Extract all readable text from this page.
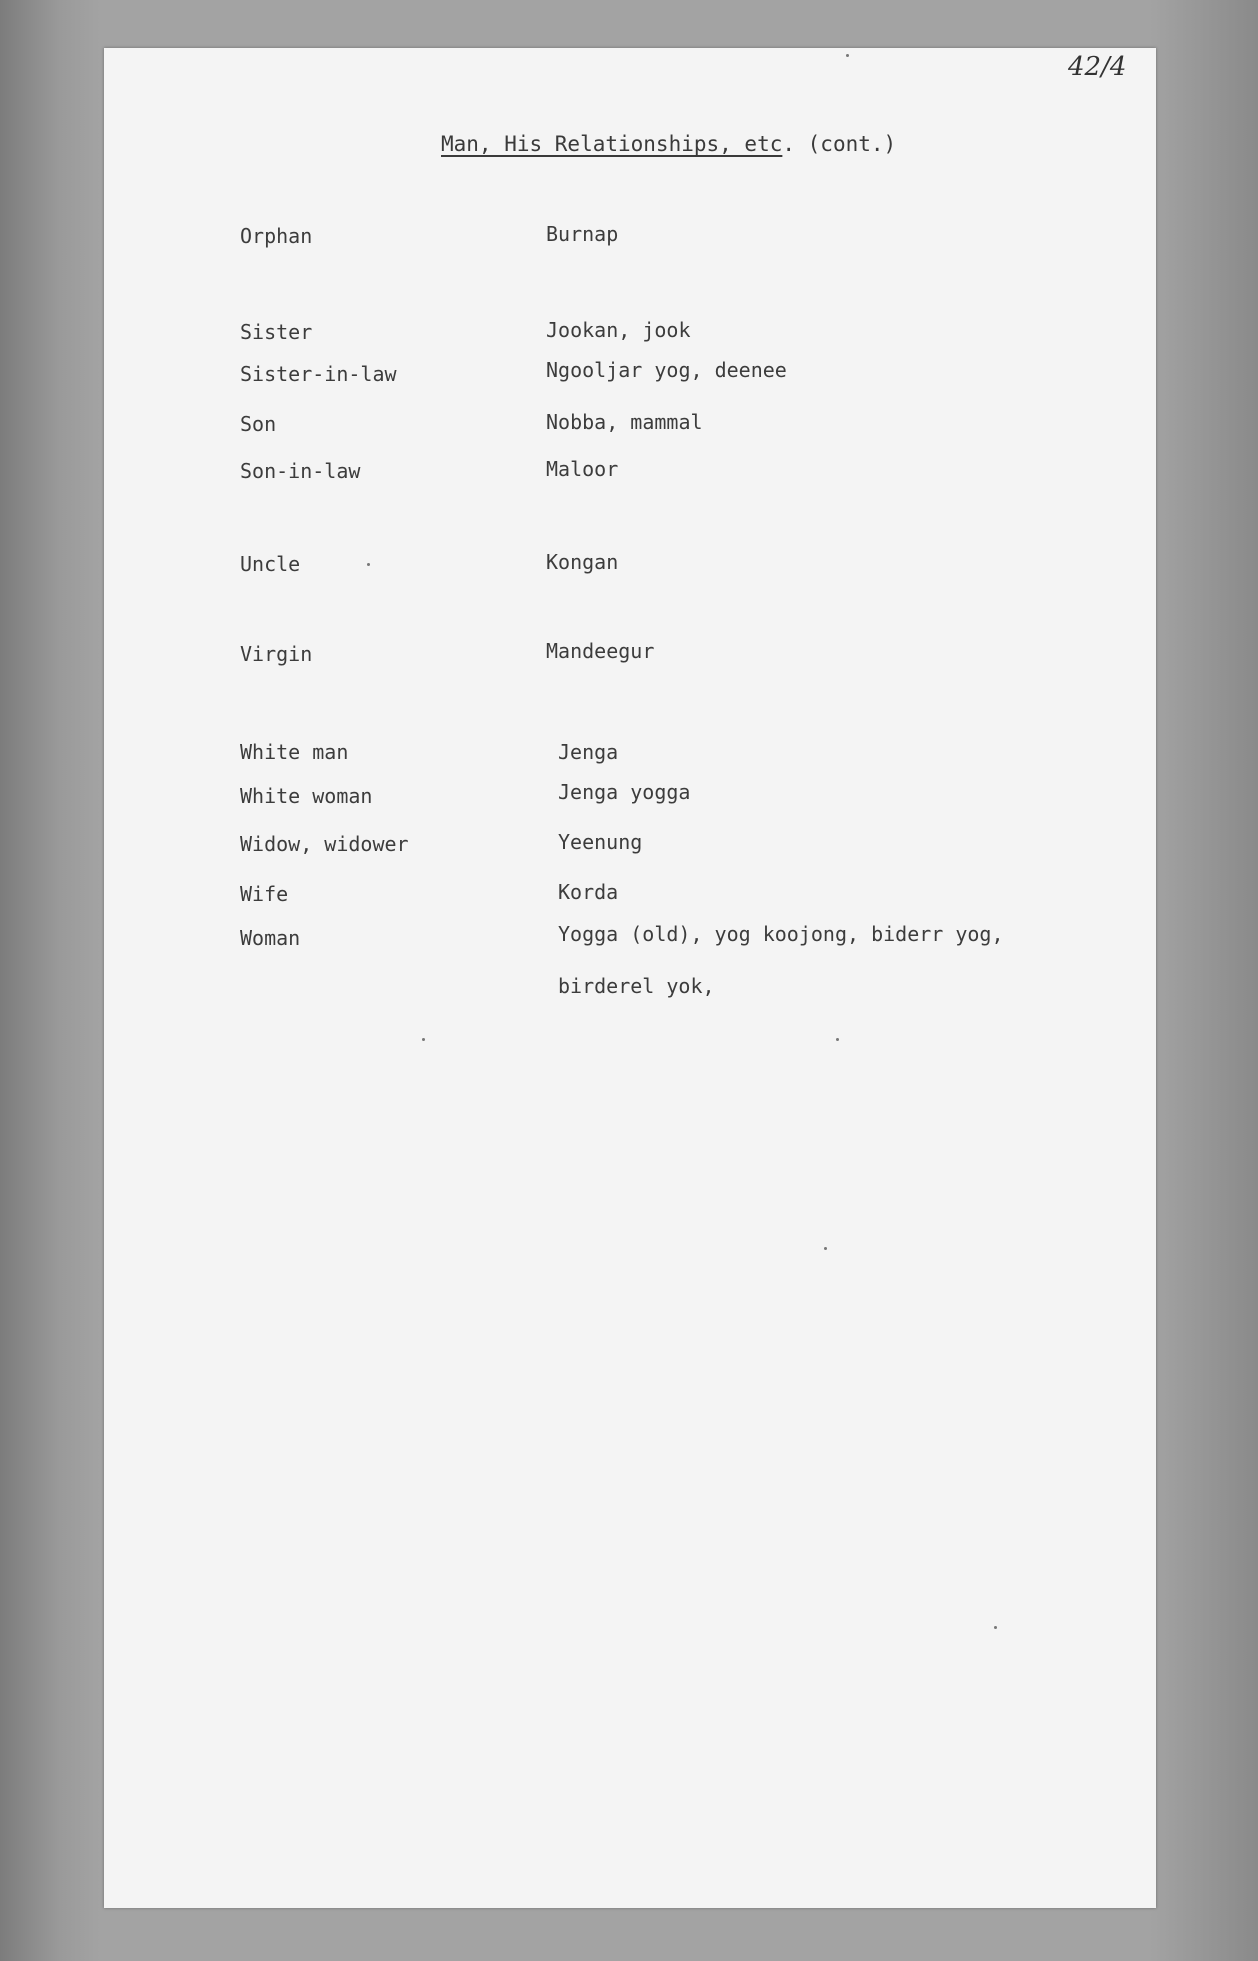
42/4
Man, His Relationships, etc. (cont.)
Orphan	Burnap
Sister	Jookan, jook
Sister-in-law	Ngooljar yog, deenee
Son	Nobba, mammal
Son-in-law	Maloor
Uncle	Kongan
Virgin	Mandeegur
White man	Jenga
White woman	Jenga yogga
Widow, widower	Yeenung
Wife	Korda
Woman	Yogga (old), yog koojong, biderr yog,
birderel yok,
